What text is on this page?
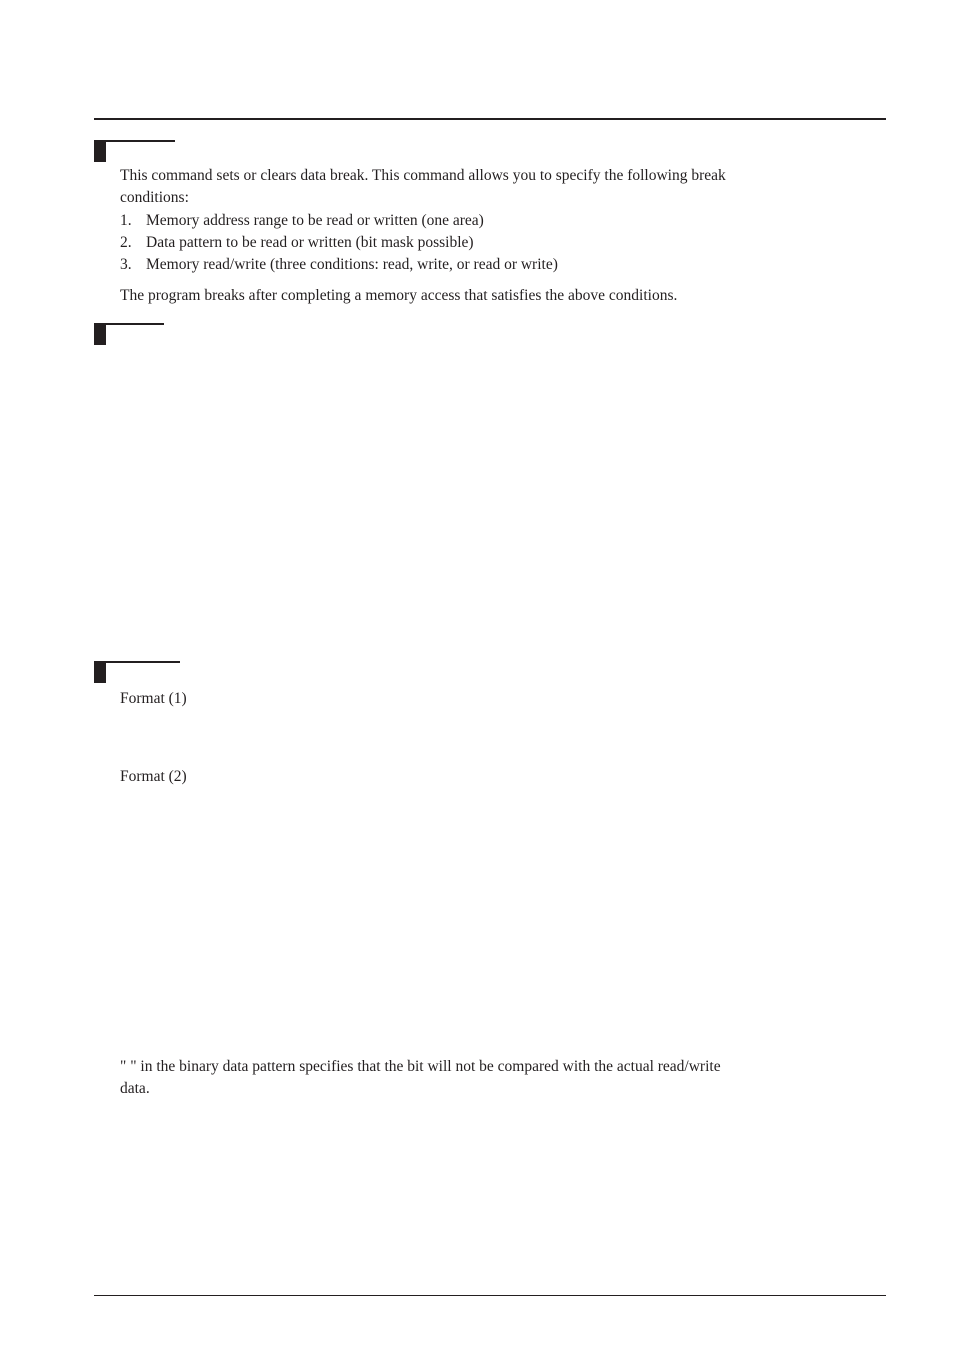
This command sets or clears data break. This command allows you to specify the following break
conditions:
1. Memory address range to be read or written (one area)
2. Data pattern to be read or written (bit mask possible)
3. Memory read/write (three conditions: read, write, or read or write)
The program breaks after completing a memory access that satisfies the above conditions.
Format (1)
Format (2)
" " in the binary data pattern specifies that the bit will not be compared with the actual read/write
data.
